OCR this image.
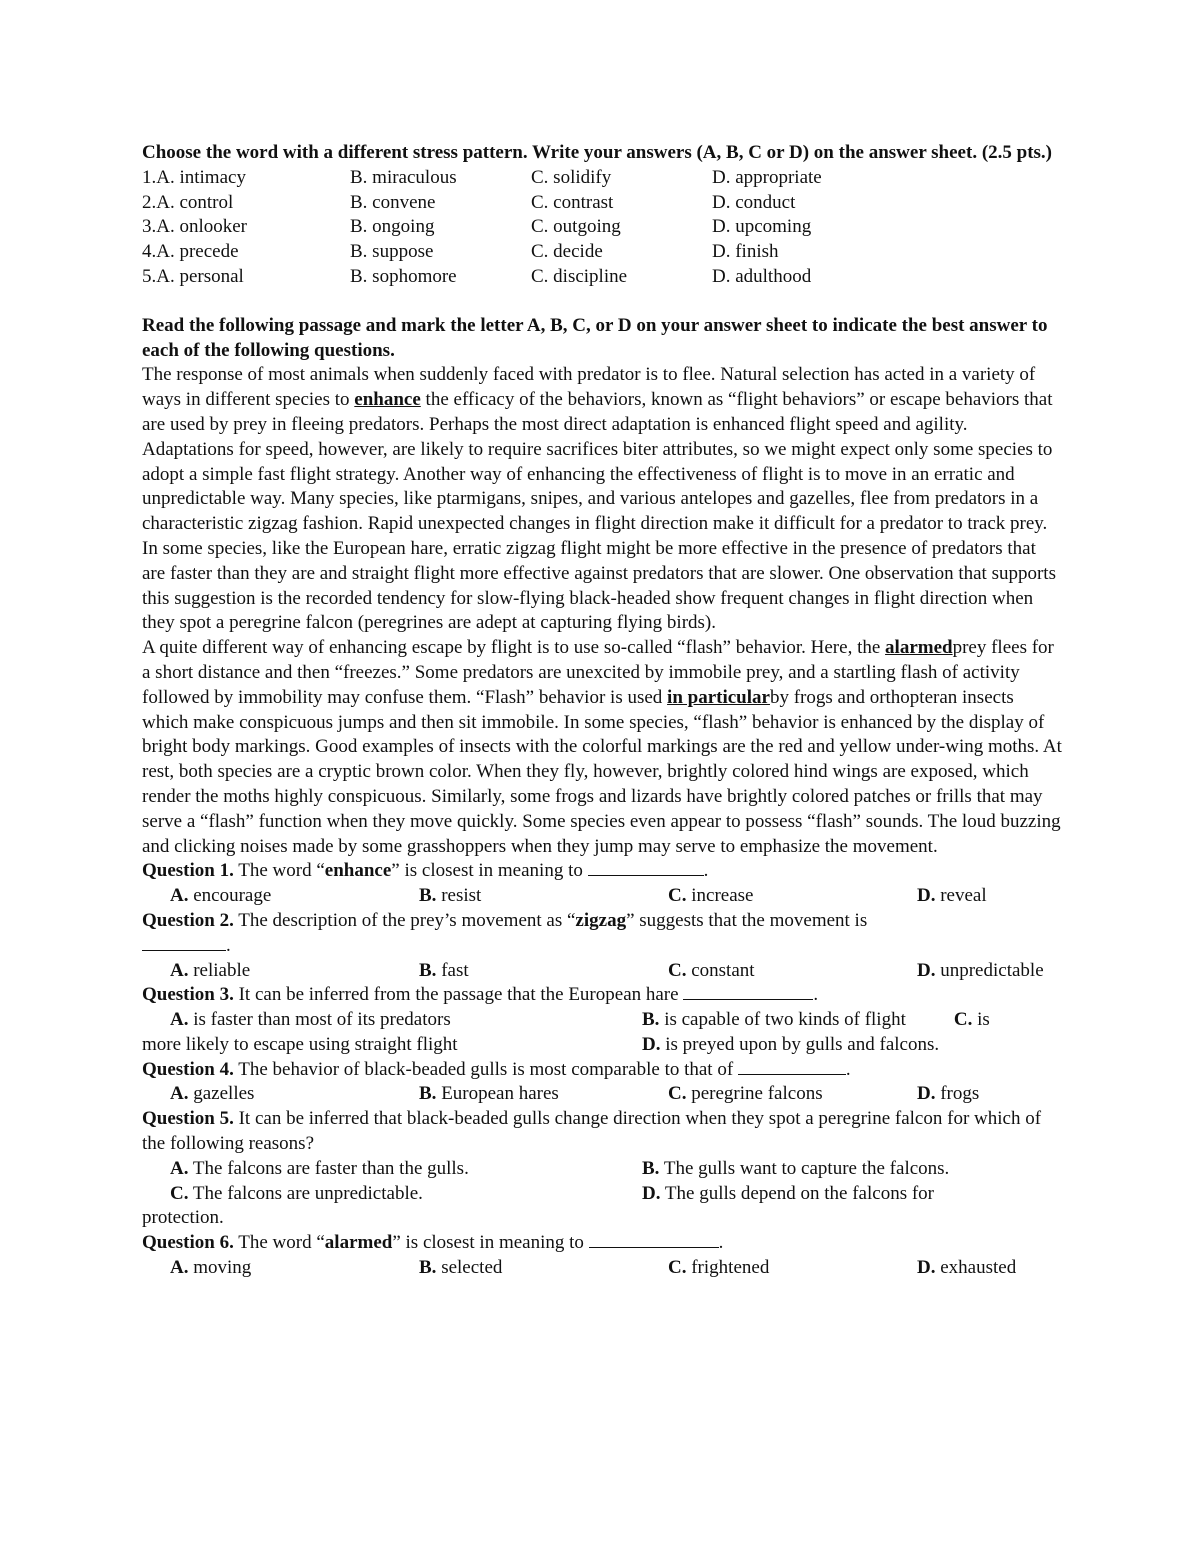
Choose the word with a different stress pattern. Write your answers (A, B, C or D) on the answer sheet. (2.5 pts.)

1.A. intimacy	B. miraculous	C. solidify	D. appropriate
2.A. control	B. convene	C. contrast	D. conduct
3.A. onlooker	B. ongoing	C. outgoing	D. upcoming
4.A. precede	B. suppose	C. decide	D. finish
5.A. personal	B. sophomore	C. discipline	D. adulthood

Read the following passage and mark the letter A, B, C, or D on your answer sheet to indicate the best answer to each of the following questions.

The response of most animals when suddenly faced with predator is to flee. Natural selection has acted in a variety of ways in different species to enhance the efficacy of the behaviors, known as “flight behaviors” or escape behaviors that are used by prey in fleeing predators. Perhaps the most direct adaptation is enhanced flight speed and agility.

Adaptations for speed, however, are likely to require sacrifices biter attributes, so we might expect only some species to adopt a simple fast flight strategy. Another way of enhancing the effectiveness of flight is to move in an erratic and unpredictable way. Many species, like ptarmigans, snipes, and various antelopes and gazelles, flee from predators in a characteristic zigzag fashion. Rapid unexpected changes in flight direction make it difficult for a predator to track prey. In some species, like the European hare, erratic zigzag flight might be more effective in the presence of predators that are faster than they are and straight flight more effective against predators that are slower. One observation that supports this suggestion is the recorded tendency for slow-flying black-headed show frequent changes in flight direction when they spot a peregrine falcon (peregrines are adept at capturing flying birds).

A quite different way of enhancing escape by flight is to use so-called “flash” behavior. Here, the alarmedprey flees for a short distance and then “freezes.” Some predators are unexcited by immobile prey, and a startling flash of activity followed by immobility may confuse them. “Flash” behavior is used in particularby frogs and orthopteran insects which make conspicuous jumps and then sit immobile. In some species, “flash” behavior is enhanced by the display of bright body markings. Good examples of insects with the colorful markings are the red and yellow under-wing moths. At rest, both species are a cryptic brown color. When they fly, however, brightly colored hind wings are exposed, which render the moths highly conspicuous. Similarly, some frogs and lizards have brightly colored patches or frills that may serve a “flash” function when they move quickly. Some species even appear to possess “flash” sounds. The loud buzzing and clicking noises made by some grasshoppers when they jump may serve to emphasize the movement.

Question 1. The word “enhance” is closest in meaning to	.

A. encourage	B. resist	C. increase	D. reveal

Question 2. The description of the prey’s movement as “zigzag” suggests that the movement is

.

A. reliable	B. fast	C. constant	D. unpredictable

Question 3. It can be inferred from the passage that the European hare	.

A. is faster than most of its predators	B. is capable of two kinds of flight	C. is
more likely to escape using straight flight	D. is preyed upon by gulls and falcons.

Question 4. The behavior of black-beaded gulls is most comparable to that of	.

A. gazelles	B. European hares	C. peregrine falcons	D. frogs

Question 5. It can be inferred that black-beaded gulls change direction when they spot a peregrine falcon for which of the following reasons?

A. The falcons are faster than the gulls.	B. The gulls want to capture the falcons.
C. The falcons are unpredictable.	D. The gulls depend on the falcons for

protection.

Question 6. The word “alarmed” is closest in meaning to	.

A. moving	B. selected	C. frightened	D. exhausted
